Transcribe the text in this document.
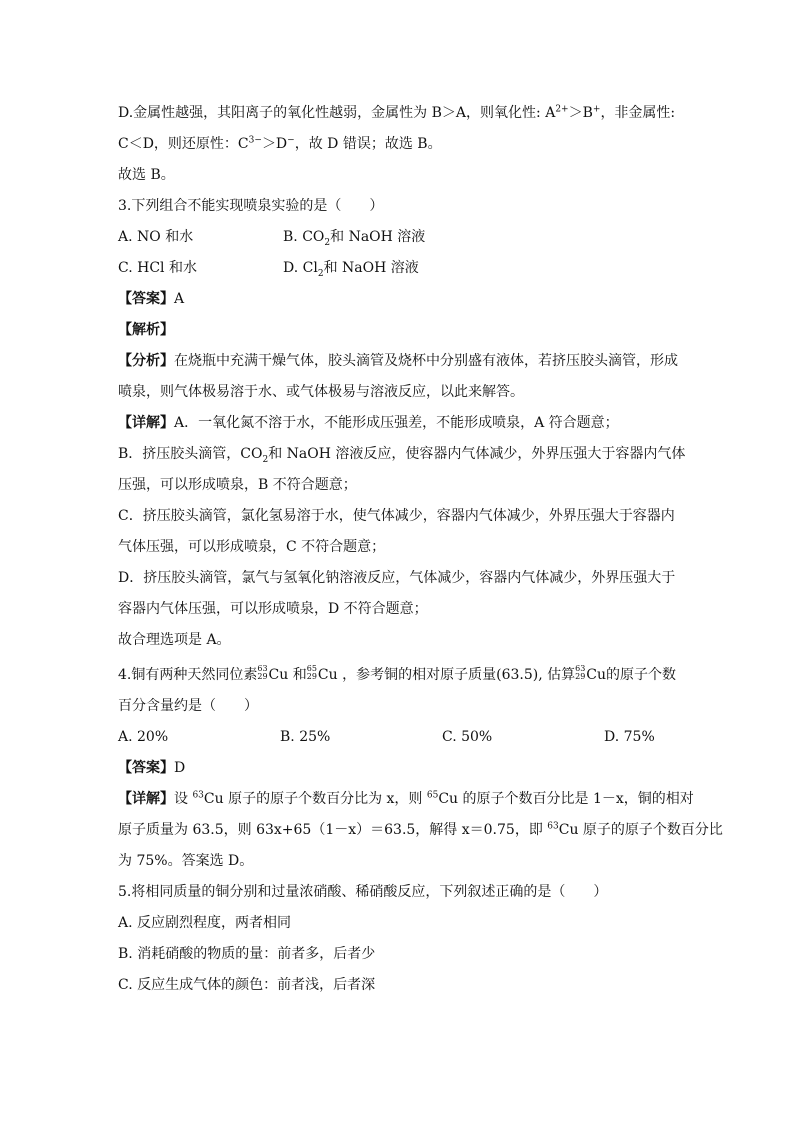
D.金属性越强，其阳离子的氧化性越弱，金属性为 B＞A，则氧化性: $A^{2+}>B^+$，非金属性:

C＜D，则还原性：$C^{3-}>D^-$，故 D 错误；故选 B。

故选 B。

3.下列组合不能实现喷泉实验的是（　　）

A. NO 和水	B. $CO_2$和 NaOH 溶液
C. HCl 和水	D. $Cl_2$和 NaOH 溶液

【答案】A

【解析】

【分析】在烧瓶中充满干燥气体，胶头滴管及烧杯中分别盛有液体，若挤压胶头滴管，形成

喷泉，则气体极易溶于水、或气体极易与溶液反应，以此来解答。

【详解】A．一氧化氮不溶于水，不能形成压强差，不能形成喷泉，A 符合题意；

B．挤压胶头滴管，$CO_2$和 NaOH 溶液反应，使容器内气体减少，外界压强大于容器内气体

压强，可以形成喷泉，B 不符合题意；

C．挤压胶头滴管，氯化氢易溶于水，使气体减少，容器内气体减少，外界压强大于容器内

气体压强，可以形成喷泉，C 不符合题意；

D．挤压胶头滴管，氯气与氢氧化钠溶液反应，气体减少，容器内气体减少，外界压强大于

容器内气体压强，可以形成喷泉，D 不符合题意；

故合理选项是 A。

4.铜有两种天然同位素 63
29 Cu 和 65
29 Cu ，参考铜的相对原子质量(63.5), 估算 63
29 Cu的原子个数

百分含量约是（　　）

A. 20%	B. 25%	C. 50%	D. 75%

【答案】D

【详解】设 $^{63}$Cu 原子的原子个数百分比为 x，则 $^{65}$Cu 的原子个数百分比是 1－x，铜的相对

原子质量为 63.5，则 63x+65（1－x）＝63.5，解得 x＝0.75，即 $^{63}$Cu 原子的原子个数百分比

为 75%。答案选 D。

5.将相同质量的铜分别和过量浓硝酸、稀硝酸反应，下列叙述正确的是（　　）

A. 反应剧烈程度，两者相同

B. 消耗硝酸的物质的量：前者多，后者少

C. 反应生成气体的颜色：前者浅，后者深
